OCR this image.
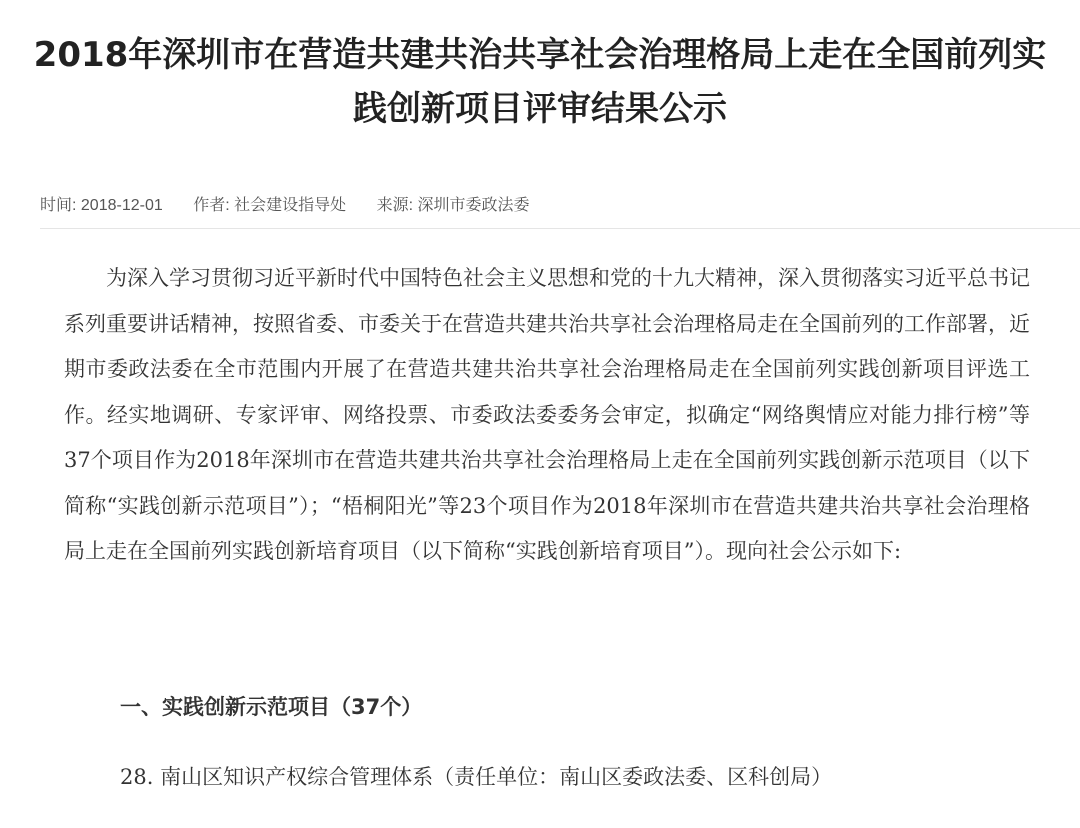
2018年深圳市在营造共建共治共享社会治理格局上走在全国前列实践创新项目评审结果公示
时间: 2018-12-01 作者: 社会建设指导处 来源: 深圳市委政法委

为深入学习贯彻习近平新时代中国特色社会主义思想和党的十九大精神，深入贯彻落实习近平总书记系列重要讲话精神，按照省委、市委关于在营造共建共治共享社会治理格局走在全国前列的工作部署，近期市委政法委在全市范围内开展了在营造共建共治共享社会治理格局走在全国前列实践创新项目评选工作。经实地调研、专家评审、网络投票、市委政法委委务会审定，拟确定“网络舆情应对能力排行榜”等37个项目作为2018年深圳市在营造共建共治共享社会治理格局上走在全国前列实践创新示范项目（以下简称“实践创新示范项目”）；“梧桐阳光”等23个项目作为2018年深圳市在营造共建共治共享社会治理格局上走在全国前列实践创新培育项目（以下简称“实践创新培育项目”）。现向社会公示如下:

一、实践创新示范项目（37个）

28. 南山区知识产权综合管理体系（责任单位：南山区委政法委、区科创局）
